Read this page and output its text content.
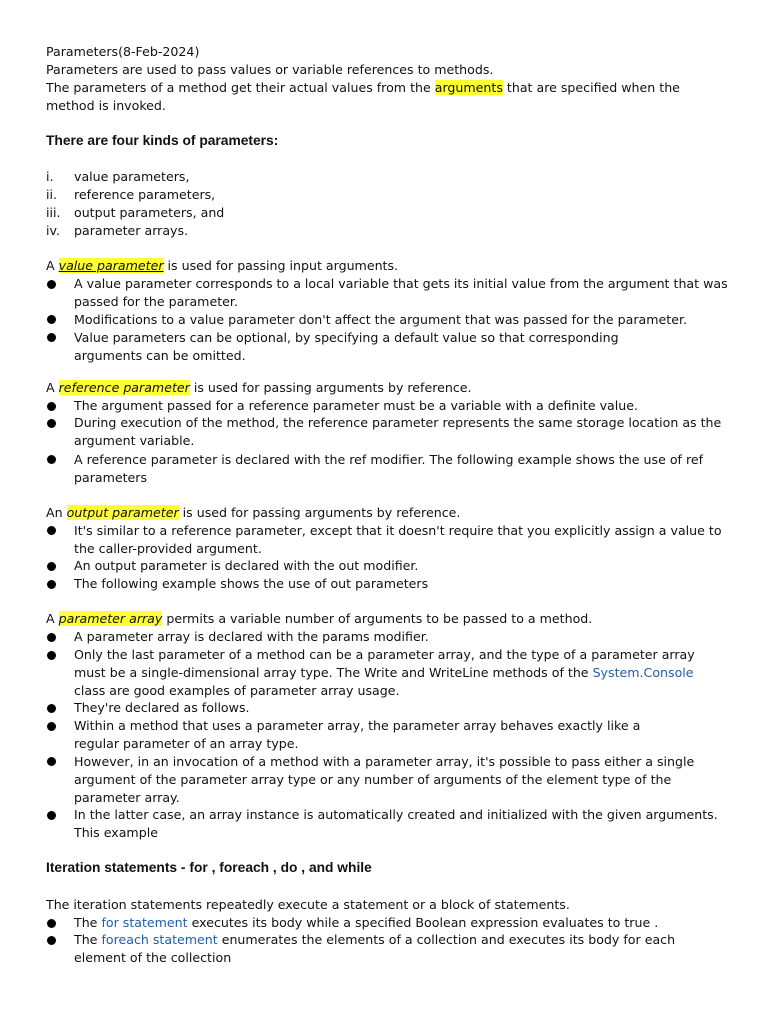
Parameters(8-Feb-2024)
Parameters are used to pass values or variable references to methods.
The parameters of a method get their actual values from the arguments that are specified when the
method is invoked.
There are four kinds of parameters:
i. value parameters,
ii. reference parameters,
iii. output parameters, and
iv. parameter arrays.
A value parameter is used for passing input arguments.
A value parameter corresponds to a local variable that gets its initial value from the argument that was
passed for the parameter.
Modifications to a value parameter don't affect the argument that was passed for the parameter.
Value parameters can be optional, by specifying a default value so that corresponding
arguments can be omitted.
A reference parameter is used for passing arguments by reference.
The argument passed for a reference parameter must be a variable with a definite value.
During execution of the method, the reference parameter represents the same storage location as the
argument variable.
A reference parameter is declared with the ref modifier. The following example shows the use of ref
parameters
An output parameter is used for passing arguments by reference.
It's similar to a reference parameter, except that it doesn't require that you explicitly assign a value to
the caller-provided argument.
An output parameter is declared with the out modifier.
The following example shows the use of out parameters
A parameter array permits a variable number of arguments to be passed to a method.
A parameter array is declared with the params modifier.
Only the last parameter of a method can be a parameter array, and the type of a parameter array
must be a single-dimensional array type. The Write and WriteLine methods of the System.Console
class are good examples of parameter array usage.
They're declared as follows.
Within a method that uses a parameter array, the parameter array behaves exactly like a
regular parameter of an array type.
However, in an invocation of a method with a parameter array, it's possible to pass either a single
argument of the parameter array type or any number of arguments of the element type of the
parameter array.
In the latter case, an array instance is automatically created and initialized with the given arguments.
This example
Iteration statements - for , foreach , do , and while
The iteration statements repeatedly execute a statement or a block of statements.
The for statement executes its body while a specified Boolean expression evaluates to true .
The foreach statement enumerates the elements of a collection and executes its body for each
element of the collection
